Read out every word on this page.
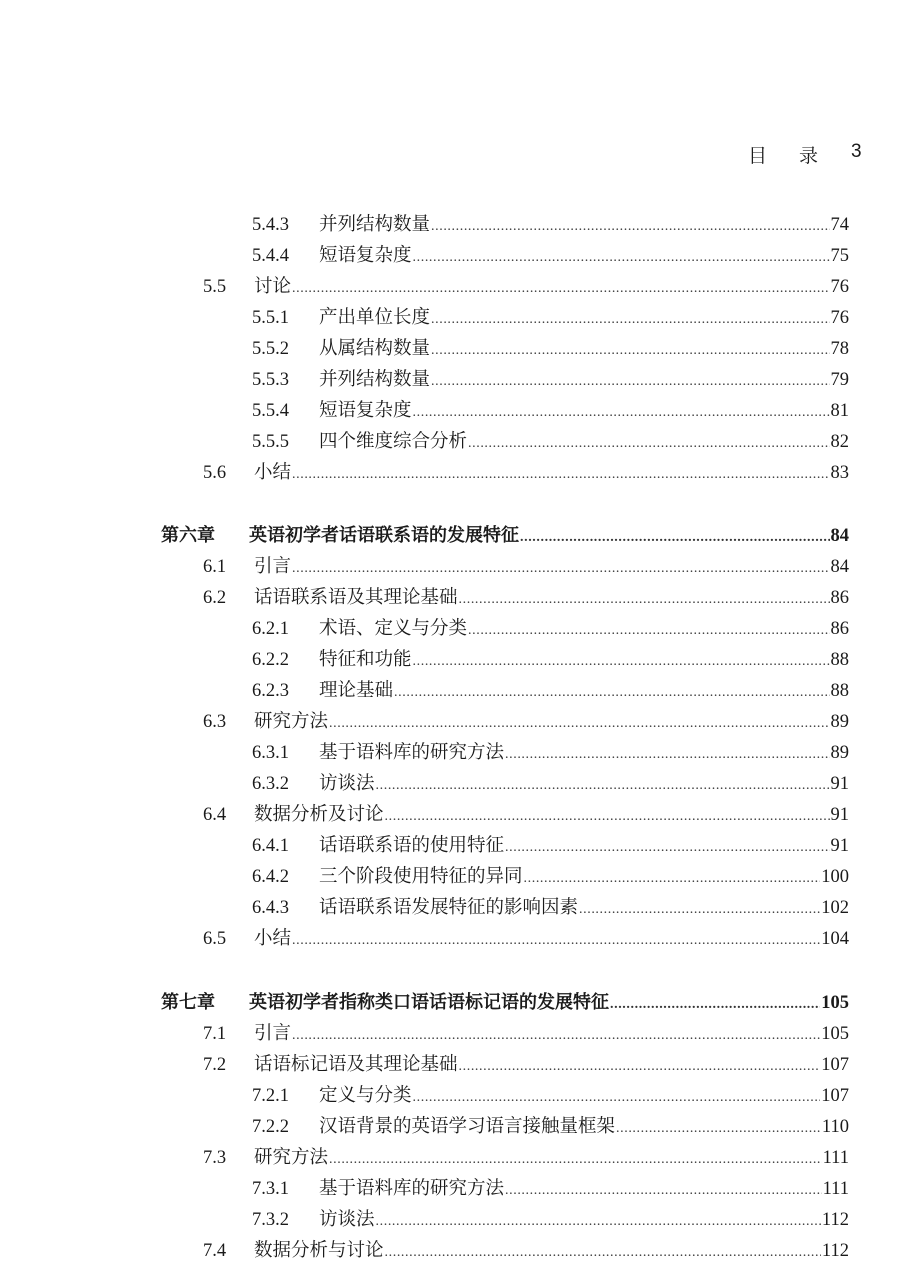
目 录 3
5.4.3 并列结构数量 .....	74
5.4.4 短语复杂度 .....	75
5.5 讨论 .....	76
5.5.1 产出单位长度 .....	76
5.5.2 从属结构数量 .....	78
5.5.3 并列结构数量 .....	79
5.5.4 短语复杂度 .....	81
5.5.5 四个维度综合分析 .....	82
5.6 小结 .....	83
第六章 英语初学者话语联系语的发展特征 .....	84
6.1 引言 .....	84
6.2 话语联系语及其理论基础 .....	86
6.2.1 术语、定义与分类 .....	86
6.2.2 特征和功能 .....	88
6.2.3 理论基础 .....	88
6.3 研究方法 .....	89
6.3.1 基于语料库的研究方法 .....	89
6.3.2 访谈法 .....	91
6.4 数据分析及讨论 .....	91
6.4.1 话语联系语的使用特征 .....	91
6.4.2 三个阶段使用特征的异同 .....	100
6.4.3 话语联系语发展特征的影响因素 .....	102
6.5 小结 .....	104
第七章 英语初学者指称类口语话语标记语的发展特征 .....	105
7.1 引言 .....	105
7.2 话语标记语及其理论基础 .....	107
7.2.1 定义与分类 .....	107
7.2.2 汉语背景的英语学习语言接触量框架 .....	110
7.3 研究方法 .....	111
7.3.1 基于语料库的研究方法 .....	111
7.3.2 访谈法 .....	112
7.4 数据分析与讨论 .....	112
